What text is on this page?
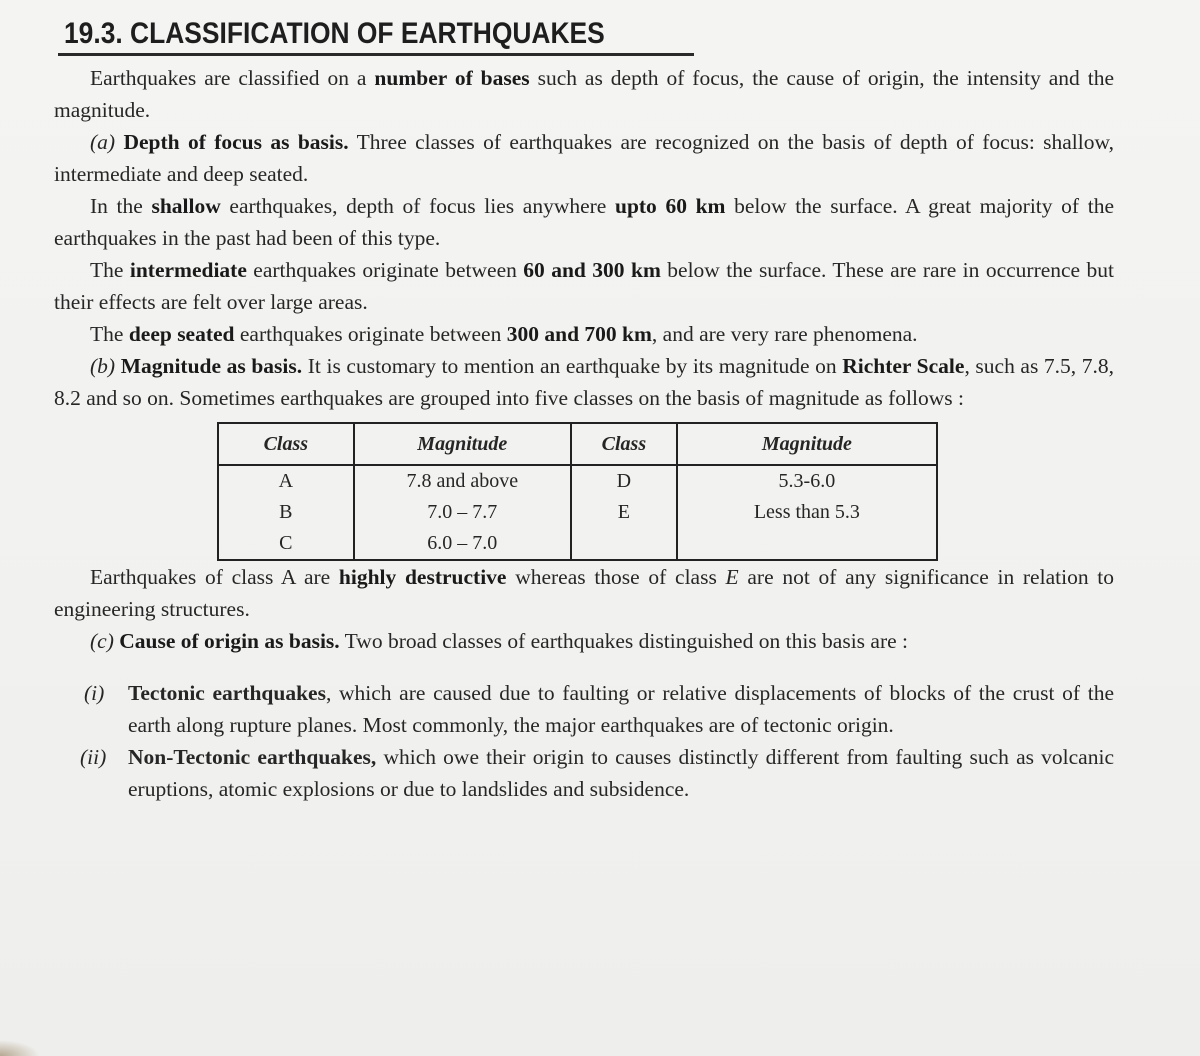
19.3. CLASSIFICATION OF EARTHQUAKES

Earthquakes are classified on a number of bases such as depth of focus, the cause of origin, the intensity and the magnitude.

(a) Depth of focus as basis. Three classes of earthquakes are recognized on the basis of depth of focus: shallow, intermediate and deep seated.

In the shallow earthquakes, depth of focus lies anywhere upto 60 km below the surface. A great majority of the earthquakes in the past had been of this type.

The intermediate earthquakes originate between 60 and 300 km below the surface. These are rare in occurrence but their effects are felt over large areas.

The deep seated earthquakes originate between 300 and 700 km, and are very rare phenomena.

(b) Magnitude as basis. It is customary to mention an earthquake by its magnitude on Richter Scale, such as 7.5, 7.8, 8.2 and so on. Sometimes earthquakes are grouped into five classes on the basis of magnitude as follows :

Class	Magnitude	Class	Magnitude
A	7.8 and above	D	5.3-6.0
B	7.0 – 7.7	E	Less than 5.3
C	6.0 – 7.0		

Earthquakes of class A are highly destructive whereas those of class E are not of any significance in relation to engineering structures.

(c) Cause of origin as basis. Two broad classes of earthquakes distinguished on this basis are :

(i) Tectonic earthquakes, which are caused due to faulting or relative displacements of blocks of the crust of the earth along rupture planes. Most commonly, the major earthquakes are of tectonic origin.
(ii) Non-Tectonic earthquakes, which owe their origin to causes distinctly different from faulting such as volcanic eruptions, atomic explosions or due to landslides and subsidence.
